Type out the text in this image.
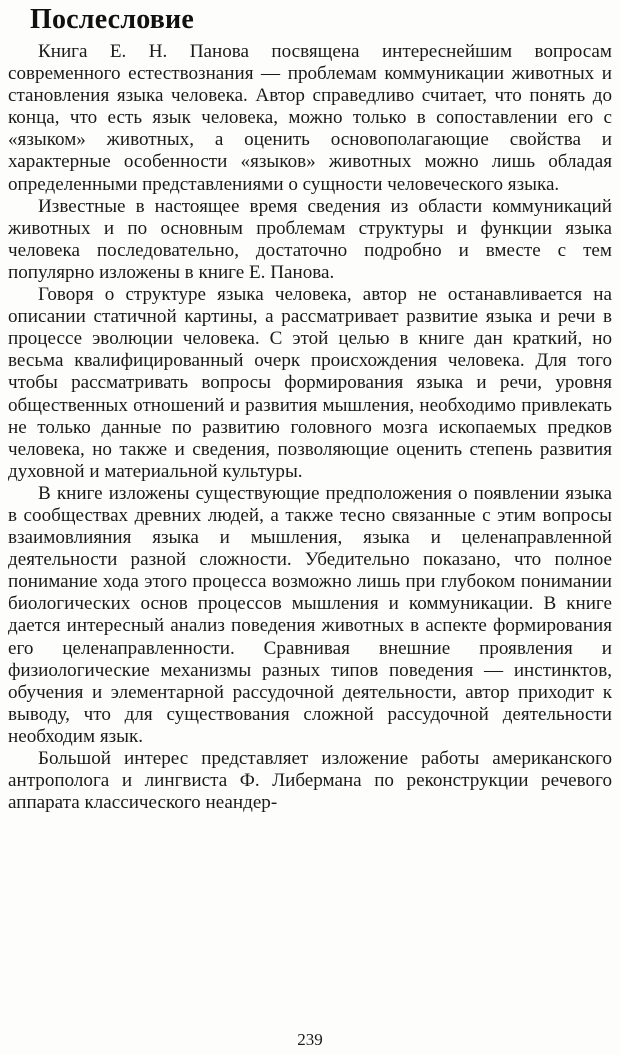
Послесловие

Книга Е. Н. Панова посвящена интереснейшим вопросам современного естествознания — проблемам коммуникации животных и становления языка человека. Автор справедливо считает, что понять до конца, что есть язык человека, можно только в сопоставлении его с «языком» животных, а оценить основополагающие свойства и характерные особенности «языков» животных можно лишь обладая определенными представлениями о сущности человеческого языка.

Известные в настоящее время сведения из области коммуникаций животных и по основным проблемам структуры и функции языка человека последовательно, достаточно подробно и вместе с тем популярно изложены в книге Е. Панова.

Говоря о структуре языка человека, автор не останавливается на описании статичной картины, а рассматривает развитие языка и речи в процессе эволюции человека. С этой целью в книге дан краткий, но весьма квалифицированный очерк происхождения человека. Для того чтобы рассматривать вопросы формирования языка и речи, уровня общественных отношений и развития мышления, необходимо привлекать не только данные по развитию головного мозга ископаемых предков человека, но также и сведения, позволяющие оценить степень развития духовной и материальной культуры.

В книге изложены существующие предположения о появлении языка в сообществах древних людей, а также тесно связанные с этим вопросы взаимовлияния языка и мышления, языка и целенаправленной деятельности разной сложности. Убедительно показано, что полное понимание хода этого процесса возможно лишь при глубоком понимании биологических основ процессов мышления и коммуникации. В книге дается интересный анализ поведения животных в аспекте формирования его целенаправленности. Сравнивая внешние проявления и физиологические механизмы разных типов поведения — инстинктов, обучения и элементарной рассудочной деятельности, автор приходит к выводу, что для существования сложной рассудочной деятельности необходим язык.

Большой интерес представляет изложение работы американского антрополога и лингвиста Ф. Либермана по реконструкции речевого аппарата классического неандер-

239
